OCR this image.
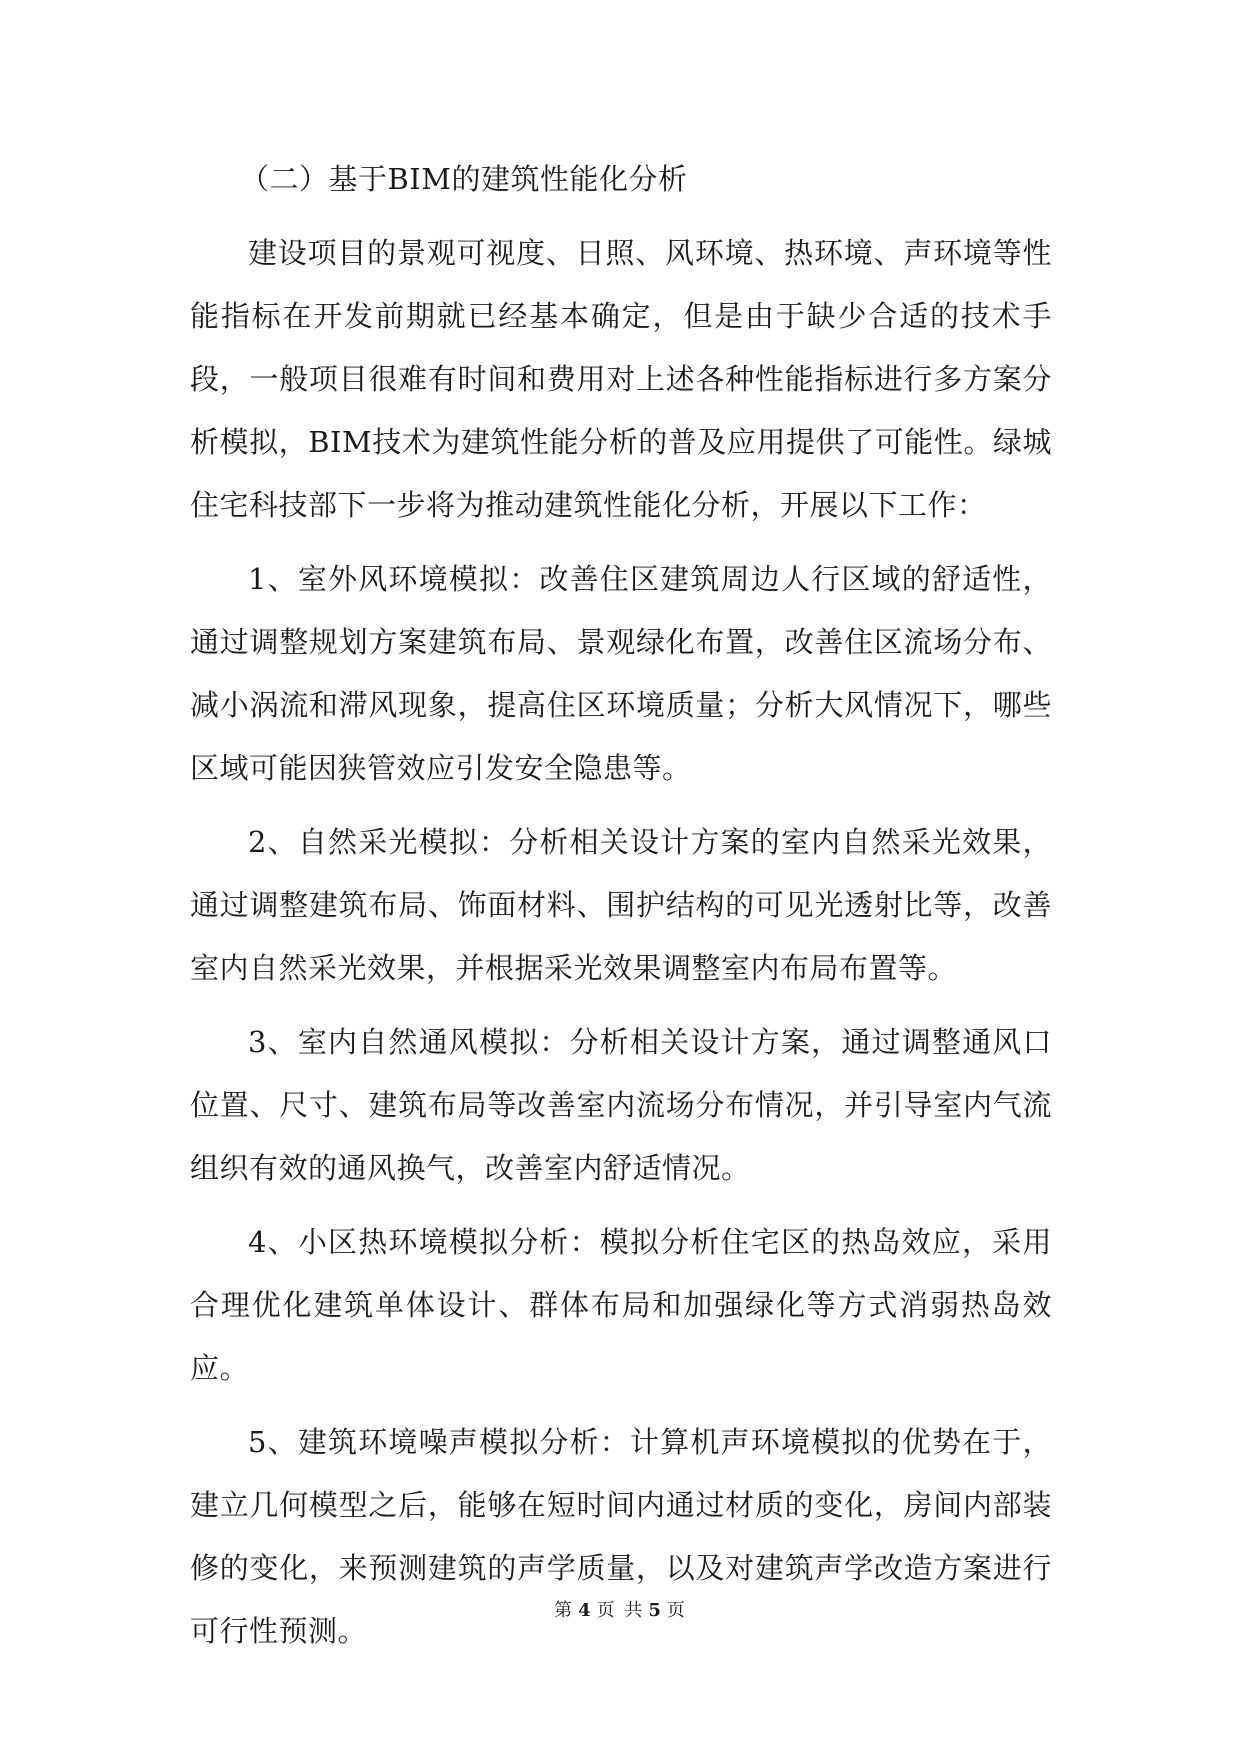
（二）基于BIM的建筑性能化分析

建设项目的景观可视度、日照、风环境、热环境、声环境等性能指标在开发前期就已经基本确定，但是由于缺少合适的技术手段，一般项目很难有时间和费用对上述各种性能指标进行多方案分析模拟，BIM技术为建筑性能分析的普及应用提供了可能性。绿城住宅科技部下一步将为推动建筑性能化分析，开展以下工作：

1、室外风环境模拟：改善住区建筑周边人行区域的舒适性，通过调整规划方案建筑布局、景观绿化布置，改善住区流场分布、减小涡流和滞风现象，提高住区环境质量；分析大风情况下，哪些区域可能因狭管效应引发安全隐患等。

2、自然采光模拟：分析相关设计方案的室内自然采光效果，通过调整建筑布局、饰面材料、围护结构的可见光透射比等，改善室内自然采光效果，并根据采光效果调整室内布局布置等。

3、室内自然通风模拟：分析相关设计方案，通过调整通风口位置、尺寸、建筑布局等改善室内流场分布情况，并引导室内气流组织有效的通风换气，改善室内舒适情况。

4、小区热环境模拟分析：模拟分析住宅区的热岛效应，采用合理优化建筑单体设计、群体布局和加强绿化等方式消弱热岛效应。

5、建筑环境噪声模拟分析：计算机声环境模拟的优势在于，建立几何模型之后，能够在短时间内通过材质的变化，房间内部装修的变化，来预测建筑的声学质量，以及对建筑声学改造方案进行可行性预测。

第 4 页 共 5 页
